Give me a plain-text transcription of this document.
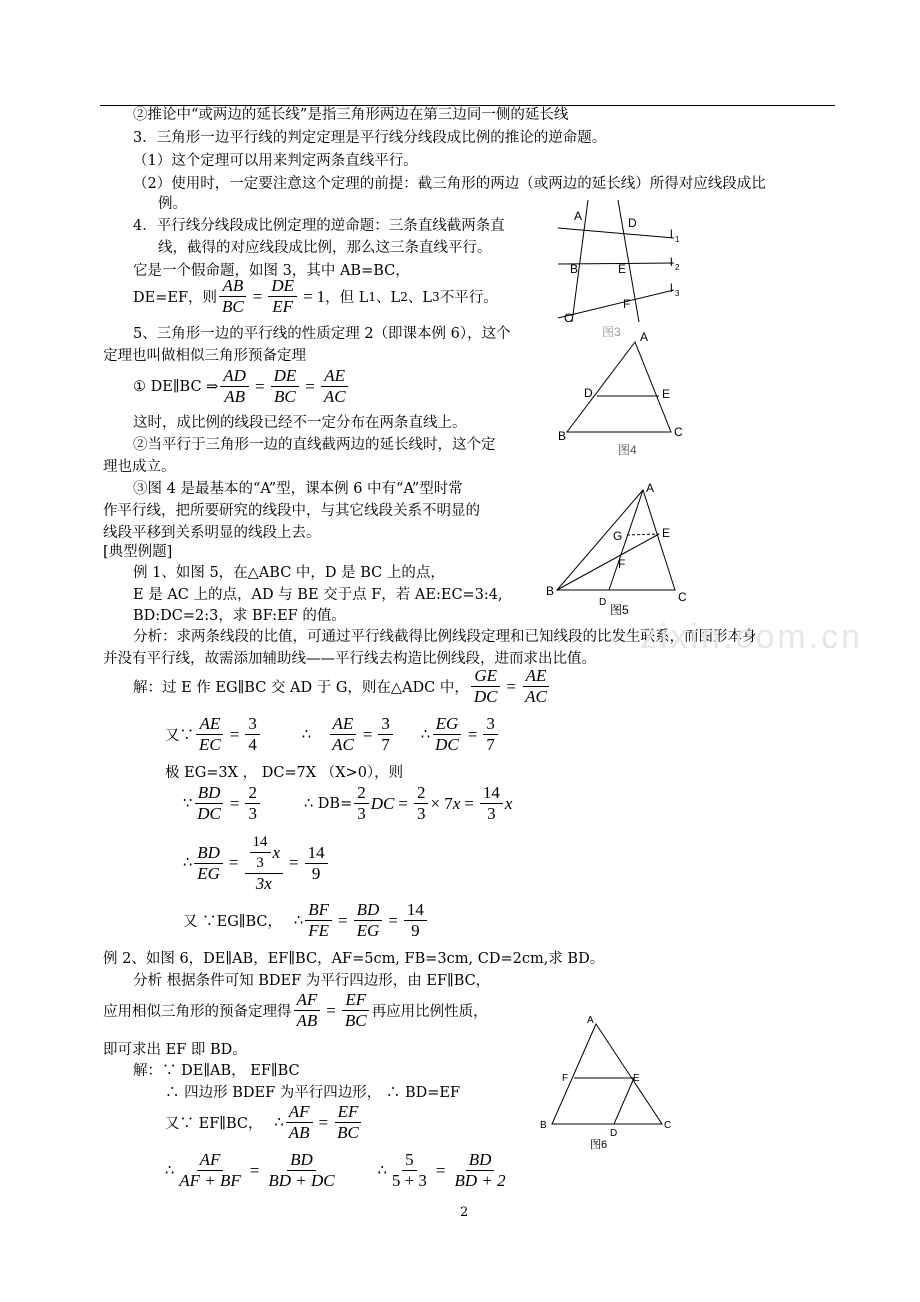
②推论中“或两边的延长线”是指三角形两边在第三边同一侧的延长线
3．三角形一边平行线的判定定理是平行线分线段成比例的推论的逆命题。
（1）这个定理可以用来判定两条直线平行。
（2）使用时，一定要注意这个定理的前提：截三角形的两边（或两边的延长线）所得对应线段成比
例。
4．平行线分线段成比例定理的逆命题：三条直线截两条直
线，截得的对应线段成比例，那么这三条直线平行。
它是一个假命题，如图 3，其中 AB=BC，
DE=EF，则 $\frac{AB}{BC} = \frac{DE}{EF} = 1$ ，但 L 1 、L 2 、L 3 不平行。
5、三角形一边的平行线的性质定理 2（即课本例 6），这个
定理也叫做相似三角形预备定理
① DE∥BC ⇒ $\frac{AD}{AB} = \frac{DE}{BC} = \frac{AE}{AC}$
这时，成比例的线段已经不一定分布在两条直线上。
②当平行于三角形一边的直线截两边的延长线时，这个定
理也成立。
③图 4 是最基本的“A”型，课本例 6 中有“A”型时常
作平行线，把所要研究的线段中，与其它线段关系不明显的
线段平移到关系明显的线段上去。
[典型例题]
例 1、如图 5，在△ABC 中，D 是 BC 上的点，
E 是 AC 上的点，AD 与 BE 交于点 F，若 AE:EC=3:4,
BD:DC=2:3，求 BF:EF 的值。
分析：求两条线段的比值，可通过平行线截得比例线段定理和已知线段的比发生联系，而图形本身
并没有平行线，故需添加辅助线——平行线去构造比例线段，进而求出比值。
解：过 E 作 EG∥BC 交 AD 于 G，则在△ADC 中， $\frac{GE}{DC} = \frac{AE}{AC}$
又∵ $\frac{AE}{EC} = \frac{3}{4}$	∴ $\frac{AE}{AC} = \frac{3}{7}$ ∴ $\frac{EG}{DC} = \frac{3}{7}$
极 EG=3X ， DC=7X （X>0），则
∵ $\frac{BD}{DC} = \frac{2}{3}$	∴ $DB= \frac{2}{3}$ DC = $\frac{2}{3} \times 7$ $x = \frac{14}{3}$ x
∴ $\frac{BD}{EG} = \frac{\frac{14}{3} x}{3x} = \frac{14}{9}$
又 ∵EG∥BC， ∴ $\frac{BF}{FE} = \frac{BD}{EG} = \frac{14}{9}$
例 2、如图 6，DE∥AB，EF∥BC，AF=5cm, FB=3cm, CD=2cm,求 BD。
分析 根据条件可知 BDEF 为平行四边形，由 EF∥BC，
应用相似三角形的预备定理得 $\frac{AF}{AB} = \frac{EF}{BC}$ 再应用比例性质，
即可求出 EF 即 BD。
解：∵ DE∥AB， EF∥BC
∴ 四边形 BDEF 为平行四边形， ∴ BD=EF
又∵ EF∥BC， ∴ $\frac{AF}{AB} = \frac{EF}{BC}$
∴ $\frac{AF}{AF + BF} = \frac{BD}{BD + DC}$	∴ $\frac{5}{5 + 3} = \frac{BD}{BD + 2}$
A	D
l 1
B	E	l 2
F
l 3
C
图3 A
D	E
B	C
图4
A
G	E
F
B
D	C
图5
A
F	E
B
D
C
图6
zixin.com.cn
2
